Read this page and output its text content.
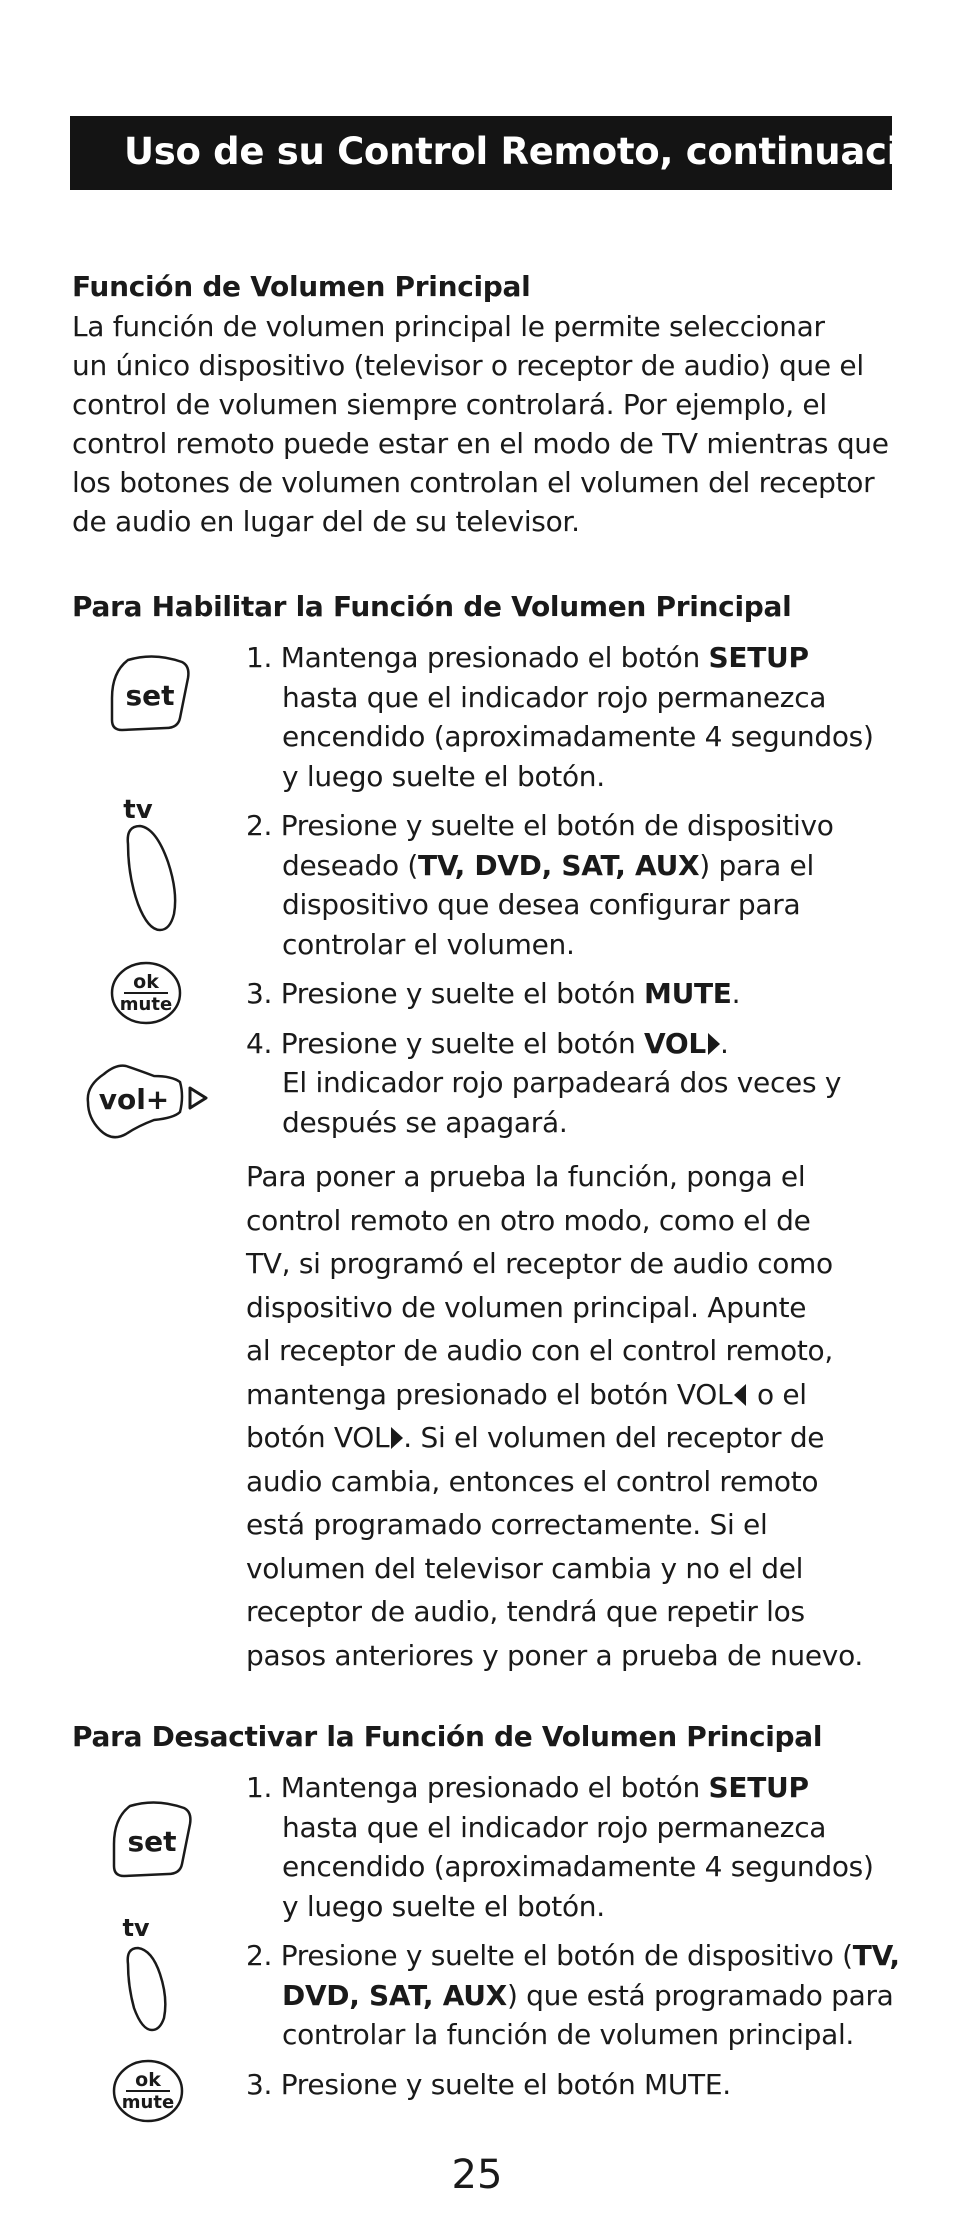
Uso de su Control Remoto, continuación
Función de Volumen Principal

La función de volumen principal le permite seleccionar

un único dispositivo (televisor o receptor de audio) que el

control de volumen siempre controlará. Por ejemplo, el

control remoto puede estar en el modo de TV mientras que

los botones de volumen controlan el volumen del receptor

de audio en lugar del de su televisor.

Para Habilitar la Función de Volumen Principal
set
tv
ok
mute
vol+
1. Mantenga presionado el botón SETUP
hasta que el indicador rojo permanezca
encendido (aproximadamente 4 segundos)
y luego suelte el botón.
2. Presione y suelte el botón de dispositivo
deseado (TV, DVD, SAT, AUX) para el
dispositivo que desea configurar para
controlar el volumen.
3. Presione y suelte el botón MUTE.
4. Presione y suelte el botón VOL .
El indicador rojo parpadeará dos veces y
después se apagará.

Para poner a prueba la función, ponga el

control remoto en otro modo, como el de

TV, si programó el receptor de audio como

dispositivo de volumen principal. Apunte

al receptor de audio con el control remoto,

mantenga presionado el botón VOL o el

botón VOL . Si el volumen del receptor de

audio cambia, entonces el control remoto

está programado correctamente. Si el

volumen del televisor cambia y no el del

receptor de audio, tendrá que repetir los

pasos anteriores y poner a prueba de nuevo.

Para Desactivar la Función de Volumen Principal
set
tv
ok
mute
1. Mantenga presionado el botón SETUP
hasta que el indicador rojo permanezca
encendido (aproximadamente 4 segundos)
y luego suelte el botón.
2. Presione y suelte el botón de dispositivo (TV,
DVD, SAT, AUX) que está programado para
controlar la función de volumen principal.
3. Presione y suelte el botón MUTE.
25
